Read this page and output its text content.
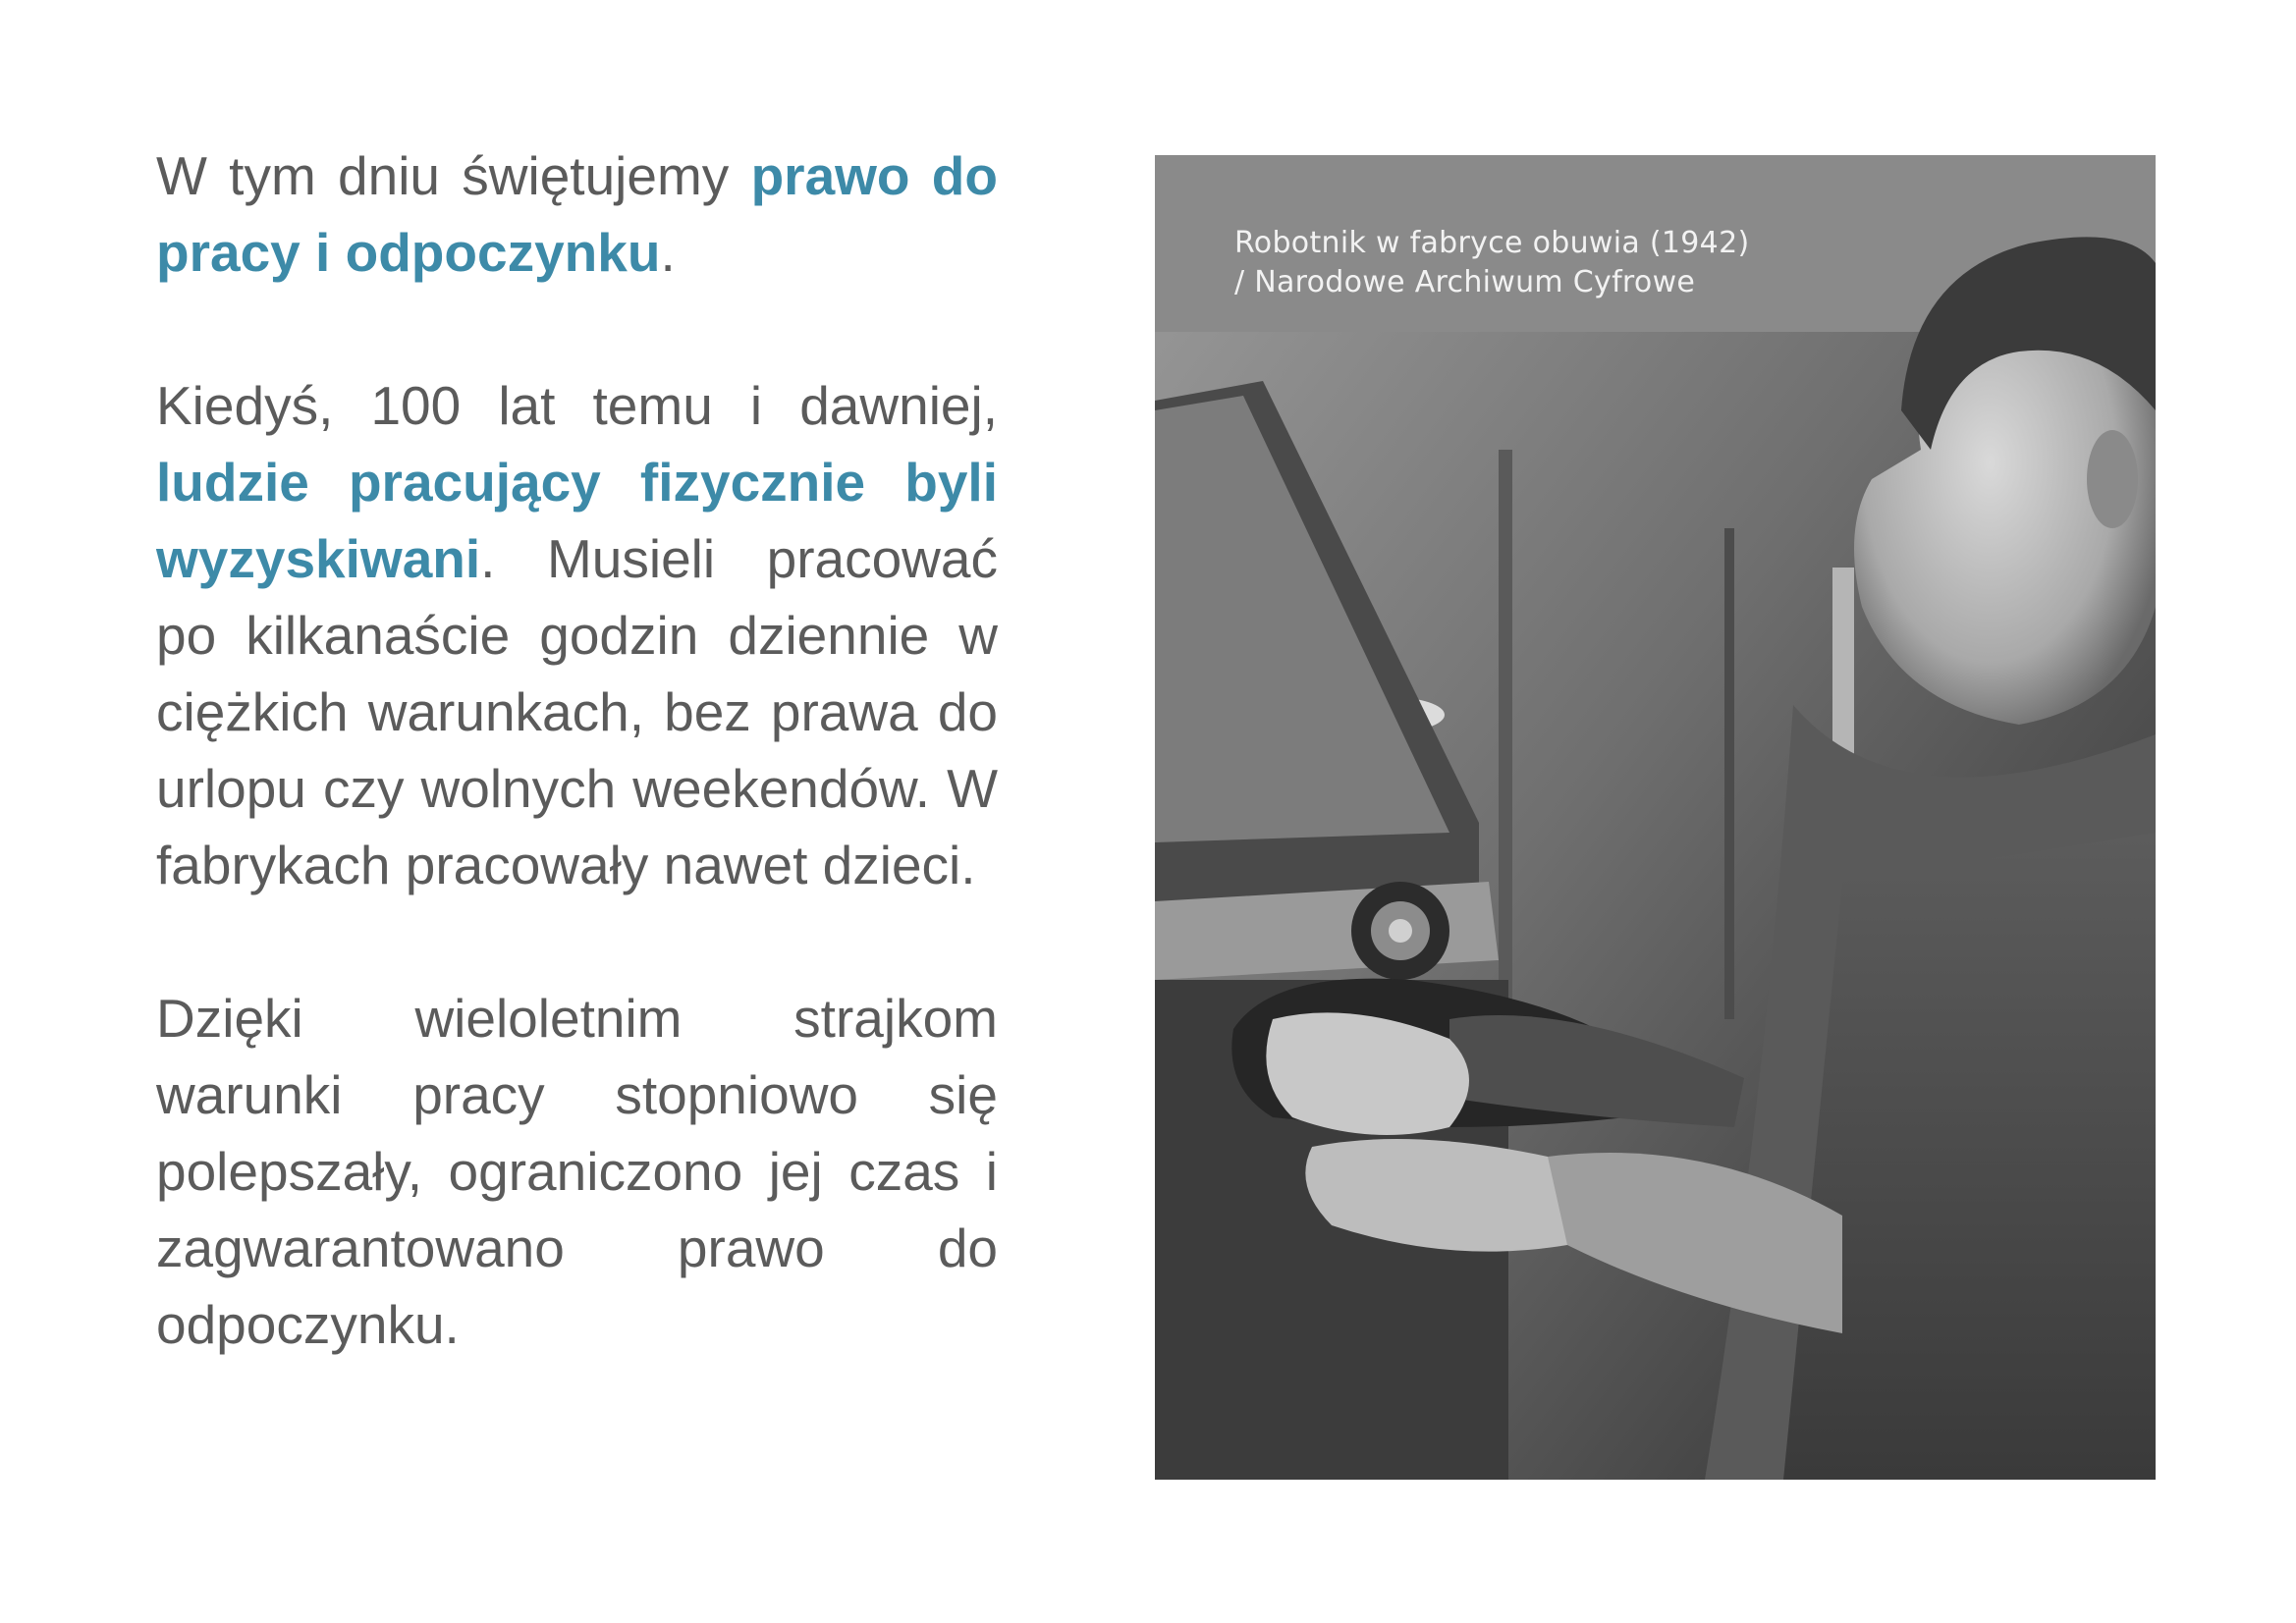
W tym dniu świętujemy prawo do pracy i odpoczynku.

Kiedyś, 100 lat temu i dawniej, ludzie pracujący fizycznie byli wyzyskiwani. Musieli pracować po kilkanaście godzin dziennie w ciężkich warunkach, bez prawa do urlopu czy wolnych weekendów. W fabrykach pracowały nawet dzieci.

Dzięki wieloletnim strajkom warunki pracy stopniowo się polepszały, ograniczono jej czas i zagwarantowano prawo do odpoczynku.

Robotnik w fabryce obuwia (1942)
/ Narodowe Archiwum Cyfrowe
